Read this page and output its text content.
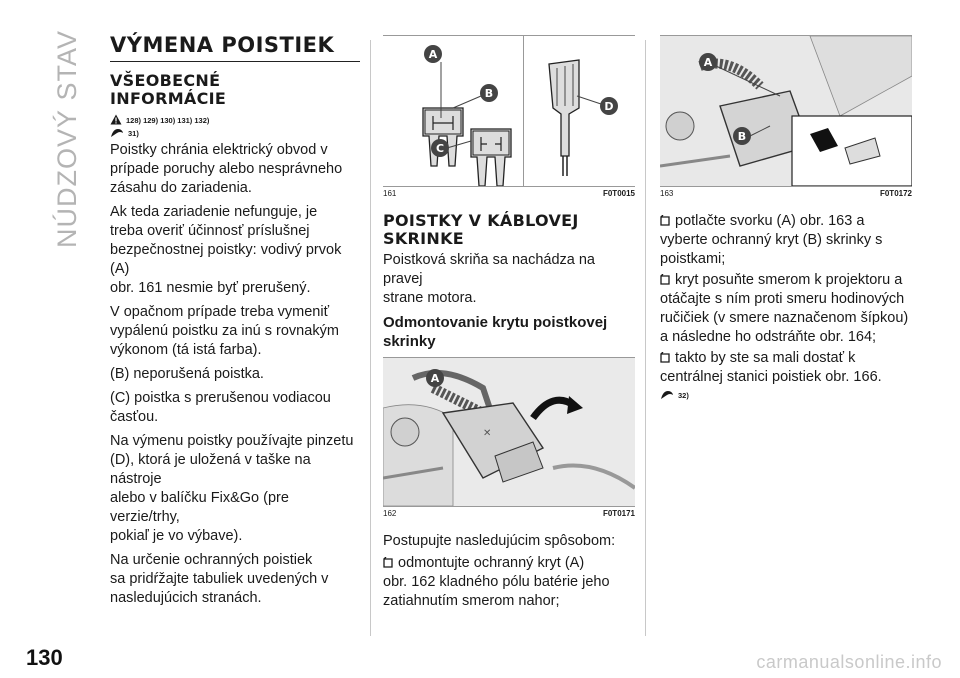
NÚDZOVÝ STAV
130	carmanualsonline.info
VÝMENA POISTIEK
VŠEOBECNÉ
INFORMÁCIE
128) 129) 130) 131) 132)
31)

Poistky chránia elektrický obvod v
prípade poruchy alebo nesprávneho
zásahu do zariadenia.

Ak teda zariadenie nefunguje, je
treba overiť účinnosť príslušnej
bezpečnostnej poistky: vodivý prvok (A)
obr. 161 nesmie byť prerušený.

V opačnom prípade treba vymeniť
vypálenú poistku za inú s rovnakým
výkonom (tá istá farba).

(B) neporušená poistka.

(C) poistka s prerušenou vodiacou
časťou.

Na výmenu poistky používajte pinzetu
(D), ktorá je uložená v taške na nástroje
alebo v balíčku Fix&Go (pre verzie/trhy,
pokiaľ je vo výbave).

Na určenie ochranných poistiek
sa pridŕžajte tabuliek uvedených v
nasledujúcich stranách.

A
B
C
D
161	F0T0015
POISTKY V KÁBLOVEJ
SKRINKE

Poistková skriňa sa nachádza na pravej
strane motora.

Odmontovanie krytu poistkovej
skrinky
✕
A
162	F0T0171

Postupujte nasledujúcim spôsobom:

odmontujte ochranný kryt (A)
obr. 162 kladného pólu batérie jeho
zatiahnutím smerom nahor;

A
B
163	F0T0172

potlačte svorku (A) obr. 163 a
vyberte ochranný kryt (B) skrinky s
poistkami;

kryt posuňte smerom k projektoru a
otáčajte s ním proti smeru hodinových
ručičiek (v smere naznačenom šípkou)
a následne ho odstráňte obr. 164;

takto by ste sa mali dostať k
centrálnej stanici poistiek obr. 166.

32)
